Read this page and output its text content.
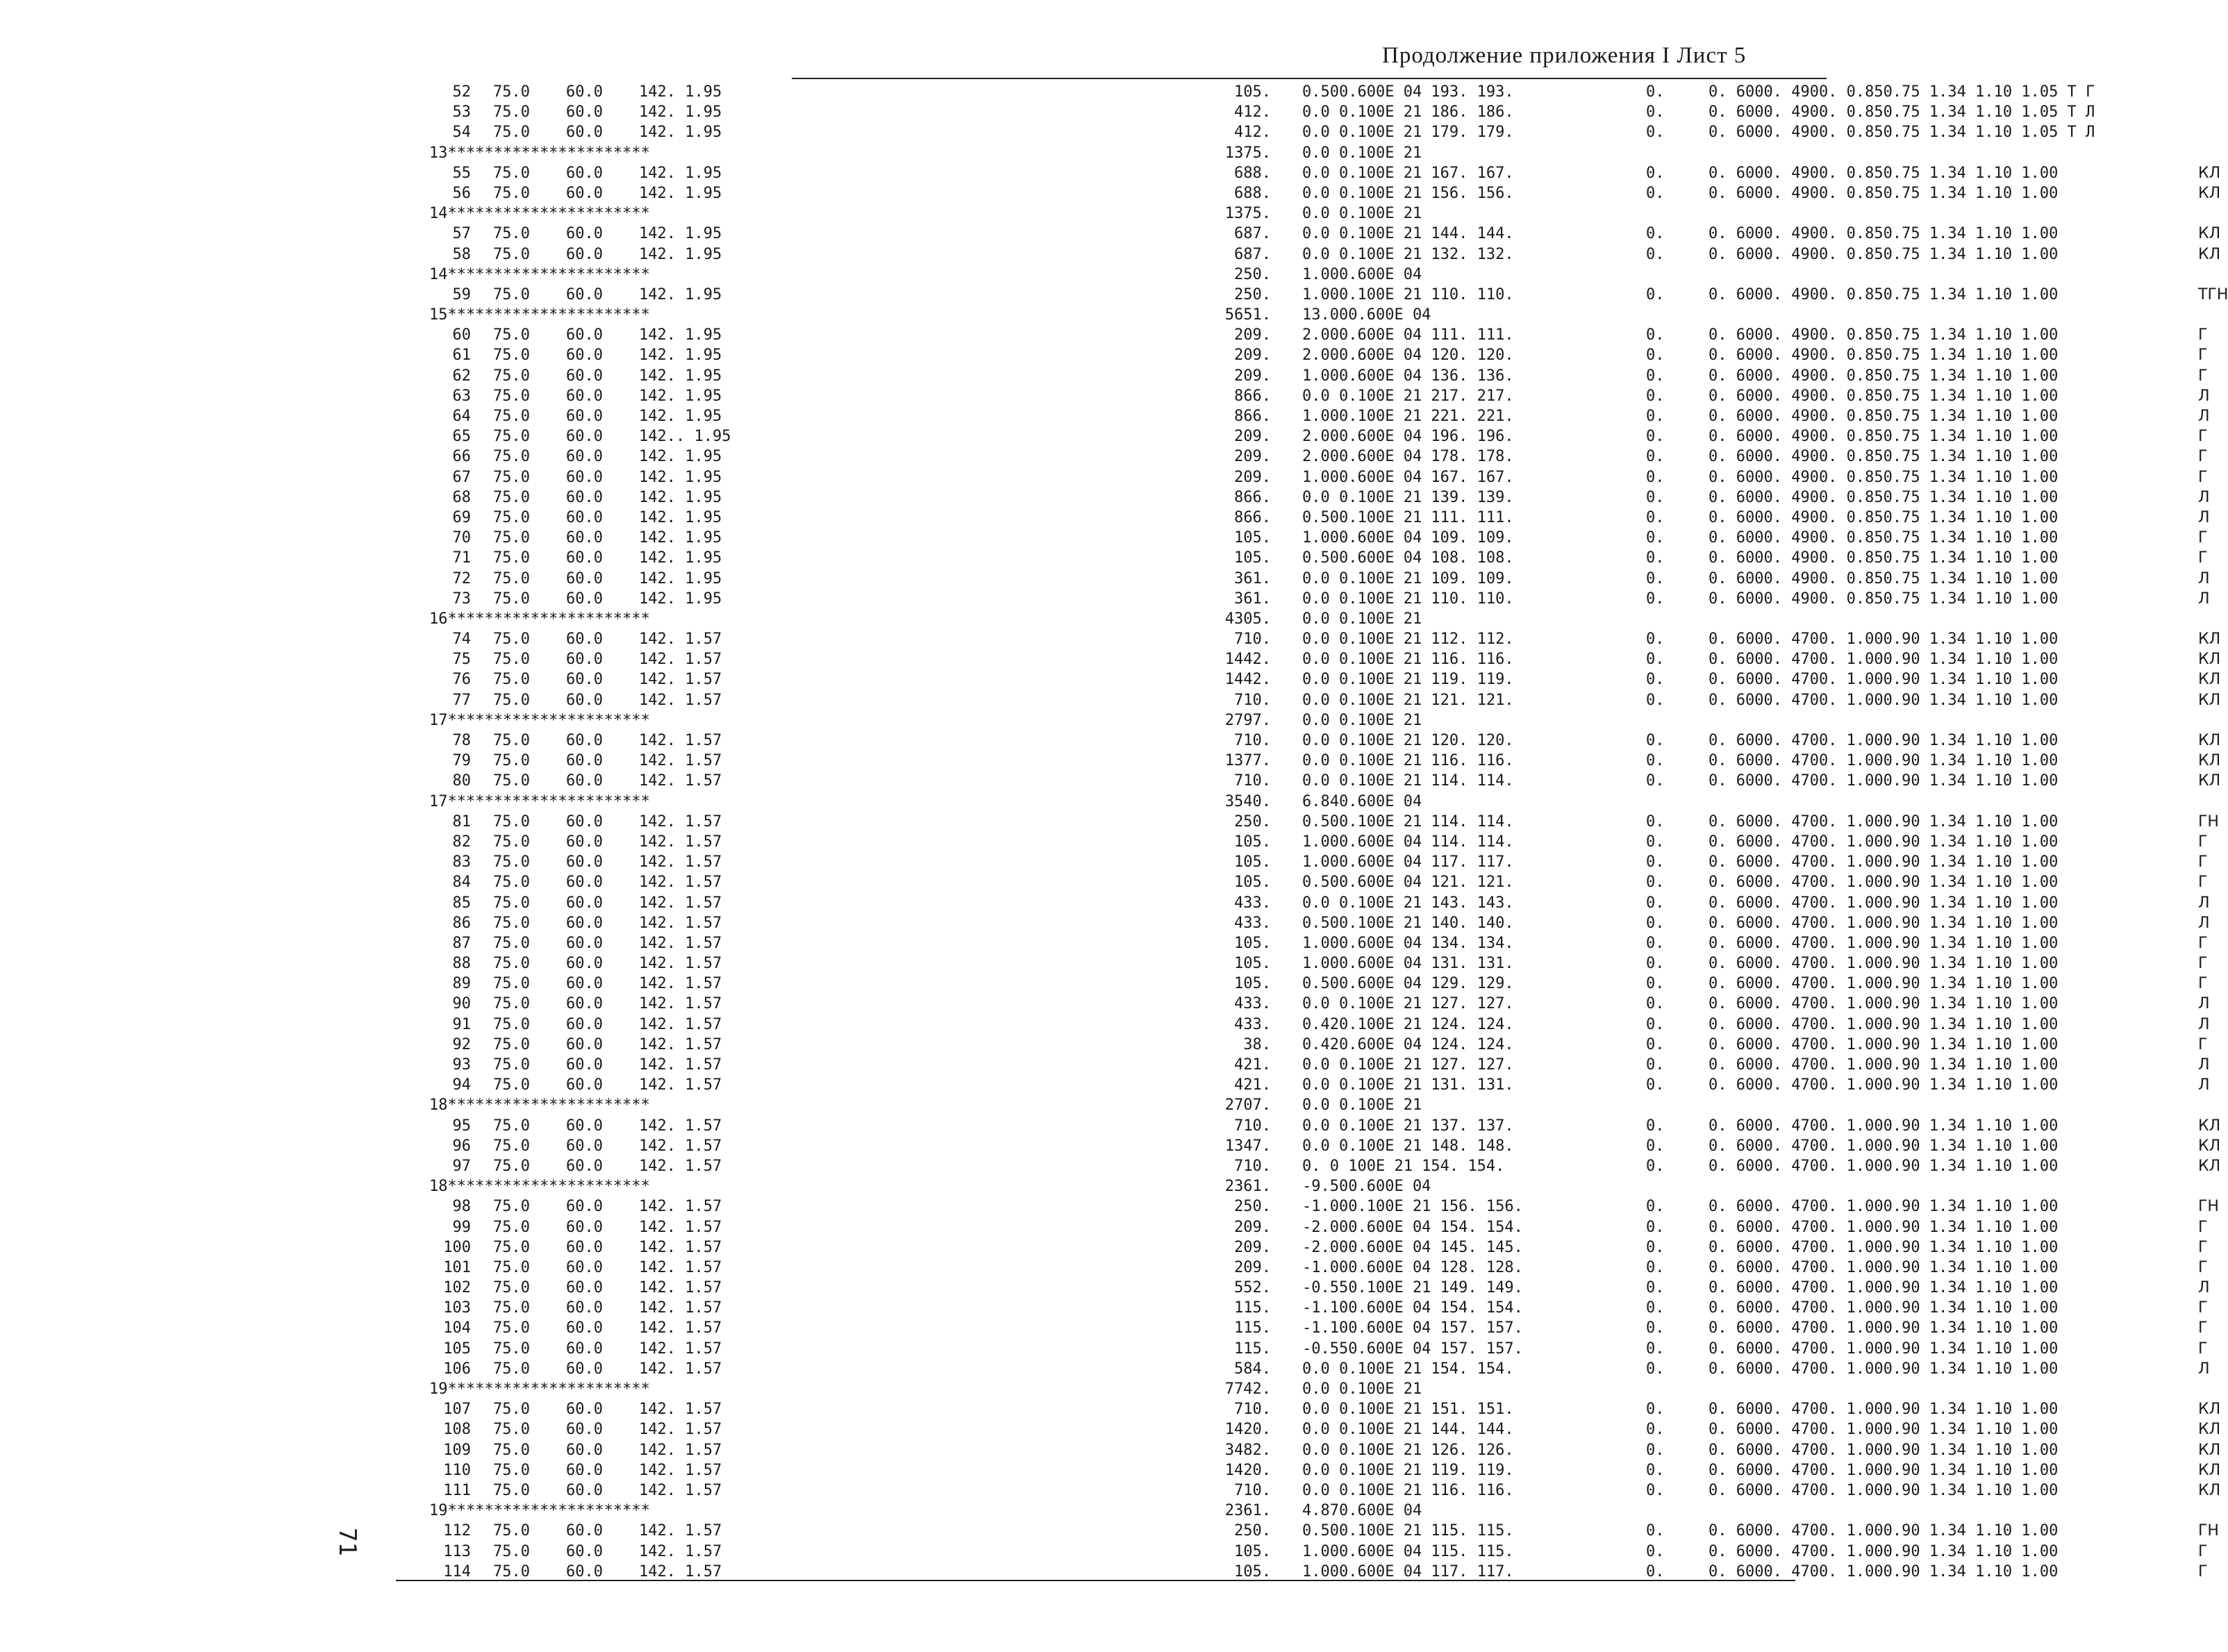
Продолжение приложения I Лист 5
71
52 75.0 60.0 142. 1.95	105. 0.500.600E 04 193. 193.	0.	0. 6000. 4900. 0.850.75 1.34 1.10 1.05 Т Г
53 75.0 60.0 142. 1.95	412. 0.0 0.100E 21 186. 186.	0.	0. 6000. 4900. 0.850.75 1.34 1.10 1.05 Т Л
54 75.0 60.0 142. 1.95	412. 0.0 0.100E 21 179. 179.	0.	0. 6000. 4900. 0.850.75 1.34 1.10 1.05 Т Л
13**********************	1375. 0.0 0.100E 21
55 75.0 60.0 142. 1.95	688. 0.0 0.100E 21 167. 167.	0.	0. 6000. 4900. 0.850.75 1.34 1.10 1.00	КЛ
56 75.0 60.0 142. 1.95	688. 0.0 0.100E 21 156. 156.	0.	0. 6000. 4900. 0.850.75 1.34 1.10 1.00	КЛ
14**********************	1375. 0.0 0.100E 21
57 75.0 60.0 142. 1.95	687. 0.0 0.100E 21 144. 144.	0.	0. 6000. 4900. 0.850.75 1.34 1.10 1.00	КЛ
58 75.0 60.0 142. 1.95	687. 0.0 0.100E 21 132. 132.	0.	0. 6000. 4900. 0.850.75 1.34 1.10 1.00	КЛ
14**********************	250. 1.000.600E 04
59 75.0 60.0 142. 1.95	250. 1.000.100E 21 110. 110.	0.	0. 6000. 4900. 0.850.75 1.34 1.10 1.00	ТГН
15**********************	5651. 13.000.600E 04
60 75.0 60.0 142. 1.95	209. 2.000.600E 04 111. 111.	0.	0. 6000. 4900. 0.850.75 1.34 1.10 1.00	Г
61 75.0 60.0 142. 1.95	209. 2.000.600E 04 120. 120.	0.	0. 6000. 4900. 0.850.75 1.34 1.10 1.00	Г
62 75.0 60.0 142. 1.95	209. 1.000.600E 04 136. 136.	0.	0. 6000. 4900. 0.850.75 1.34 1.10 1.00	Г
63 75.0 60.0 142. 1.95	866. 0.0 0.100E 21 217. 217.	0.	0. 6000. 4900. 0.850.75 1.34 1.10 1.00	Л
64 75.0 60.0 142. 1.95	866. 1.000.100E 21 221. 221.	0.	0. 6000. 4900. 0.850.75 1.34 1.10 1.00	Л
65 75.0 60.0 142.. 1.95	209. 2.000.600E 04 196. 196.	0.	0. 6000. 4900. 0.850.75 1.34 1.10 1.00	Г
66 75.0 60.0 142. 1.95	209. 2.000.600E 04 178. 178.	0.	0. 6000. 4900. 0.850.75 1.34 1.10 1.00	Г
67 75.0 60.0 142. 1.95	209. 1.000.600E 04 167. 167.	0.	0. 6000. 4900. 0.850.75 1.34 1.10 1.00	Г
68 75.0 60.0 142. 1.95	866. 0.0 0.100E 21 139. 139.	0.	0. 6000. 4900. 0.850.75 1.34 1.10 1.00	Л
69 75.0 60.0 142. 1.95	866. 0.500.100E 21 111. 111.	0.	0. 6000. 4900. 0.850.75 1.34 1.10 1.00	Л
70 75.0 60.0 142. 1.95	105. 1.000.600E 04 109. 109.	0.	0. 6000. 4900. 0.850.75 1.34 1.10 1.00	Г
71 75.0 60.0 142. 1.95	105. 0.500.600E 04 108. 108.	0.	0. 6000. 4900. 0.850.75 1.34 1.10 1.00	Г
72 75.0 60.0 142. 1.95	361. 0.0 0.100E 21 109. 109.	0.	0. 6000. 4900. 0.850.75 1.34 1.10 1.00	Л
73 75.0 60.0 142. 1.95	361. 0.0 0.100E 21 110. 110.	0.	0. 6000. 4900. 0.850.75 1.34 1.10 1.00	Л
16**********************	4305. 0.0 0.100E 21
74 75.0 60.0 142. 1.57	710. 0.0 0.100E 21 112. 112.	0.	0. 6000. 4700. 1.000.90 1.34 1.10 1.00	КЛ
75 75.0 60.0 142. 1.57	1442. 0.0 0.100E 21 116. 116.	0.	0. 6000. 4700. 1.000.90 1.34 1.10 1.00	КЛ
76 75.0 60.0 142. 1.57	1442. 0.0 0.100E 21 119. 119.	0.	0. 6000. 4700. 1.000.90 1.34 1.10 1.00	КЛ
77 75.0 60.0 142. 1.57	710. 0.0 0.100E 21 121. 121.	0.	0. 6000. 4700. 1.000.90 1.34 1.10 1.00	КЛ
17**********************	2797. 0.0 0.100E 21
78 75.0 60.0 142. 1.57	710. 0.0 0.100E 21 120. 120.	0.	0. 6000. 4700. 1.000.90 1.34 1.10 1.00	КЛ
79 75.0 60.0 142. 1.57	1377. 0.0 0.100E 21 116. 116.	0.	0. 6000. 4700. 1.000.90 1.34 1.10 1.00	КЛ
80 75.0 60.0 142. 1.57	710. 0.0 0.100E 21 114. 114.	0.	0. 6000. 4700. 1.000.90 1.34 1.10 1.00	КЛ
17**********************	3540. 6.840.600E 04
81 75.0 60.0 142. 1.57	250. 0.500.100E 21 114. 114.	0.	0. 6000. 4700. 1.000.90 1.34 1.10 1.00	ГН
82 75.0 60.0 142. 1.57	105. 1.000.600E 04 114. 114.	0.	0. 6000. 4700. 1.000.90 1.34 1.10 1.00	Г
83 75.0 60.0 142. 1.57	105. 1.000.600E 04 117. 117.	0.	0. 6000. 4700. 1.000.90 1.34 1.10 1.00	Г
84 75.0 60.0 142. 1.57	105. 0.500.600E 04 121. 121.	0.	0. 6000. 4700. 1.000.90 1.34 1.10 1.00	Г
85 75.0 60.0 142. 1.57	433. 0.0 0.100E 21 143. 143.	0.	0. 6000. 4700. 1.000.90 1.34 1.10 1.00	Л
86 75.0 60.0 142. 1.57	433. 0.500.100E 21 140. 140.	0.	0. 6000. 4700. 1.000.90 1.34 1.10 1.00	Л
87 75.0 60.0 142. 1.57	105. 1.000.600E 04 134. 134.	0.	0. 6000. 4700. 1.000.90 1.34 1.10 1.00	Г
88 75.0 60.0 142. 1.57	105. 1.000.600E 04 131. 131.	0.	0. 6000. 4700. 1.000.90 1.34 1.10 1.00	Г
89 75.0 60.0 142. 1.57	105. 0.500.600E 04 129. 129.	0.	0. 6000. 4700. 1.000.90 1.34 1.10 1.00	Г
90 75.0 60.0 142. 1.57	433. 0.0 0.100E 21 127. 127.	0.	0. 6000. 4700. 1.000.90 1.34 1.10 1.00	Л
91 75.0 60.0 142. 1.57	433. 0.420.100E 21 124. 124.	0.	0. 6000. 4700. 1.000.90 1.34 1.10 1.00	Л
92 75.0 60.0 142. 1.57	38. 0.420.600E 04 124. 124.	0.	0. 6000. 4700. 1.000.90 1.34 1.10 1.00	Г
93 75.0 60.0 142. 1.57	421. 0.0 0.100E 21 127. 127.	0.	0. 6000. 4700. 1.000.90 1.34 1.10 1.00	Л
94 75.0 60.0 142. 1.57	421. 0.0 0.100E 21 131. 131.	0.	0. 6000. 4700. 1.000.90 1.34 1.10 1.00	Л
18**********************	2707. 0.0 0.100E 21
95 75.0 60.0 142. 1.57	710. 0.0 0.100E 21 137. 137.	0.	0. 6000. 4700. 1.000.90 1.34 1.10 1.00	КЛ
96 75.0 60.0 142. 1.57	1347. 0.0 0.100E 21 148. 148.	0.	0. 6000. 4700. 1.000.90 1.34 1.10 1.00	КЛ
97 75.0 60.0 142. 1.57	710. 0. 0 100E 21 154. 154.	0.	0. 6000. 4700. 1.000.90 1.34 1.10 1.00	КЛ
18**********************	2361. -9.500.600E 04
98 75.0 60.0 142. 1.57	250. -1.000.100E 21 156. 156.	0.	0. 6000. 4700. 1.000.90 1.34 1.10 1.00	ГН
99 75.0 60.0 142. 1.57	209. -2.000.600E 04 154. 154.	0.	0. 6000. 4700. 1.000.90 1.34 1.10 1.00	Г
100 75.0 60.0 142. 1.57	209. -2.000.600E 04 145. 145.	0.	0. 6000. 4700. 1.000.90 1.34 1.10 1.00	Г
101 75.0 60.0 142. 1.57	209. -1.000.600E 04 128. 128.	0.	0. 6000. 4700. 1.000.90 1.34 1.10 1.00	Г
102 75.0 60.0 142. 1.57	552. -0.550.100E 21 149. 149.	0.	0. 6000. 4700. 1.000.90 1.34 1.10 1.00	Л
103 75.0 60.0 142. 1.57	115. -1.100.600E 04 154. 154.	0.	0. 6000. 4700. 1.000.90 1.34 1.10 1.00	Г
104 75.0 60.0 142. 1.57	115. -1.100.600E 04 157. 157.	0.	0. 6000. 4700. 1.000.90 1.34 1.10 1.00	Г
105 75.0 60.0 142. 1.57	115. -0.550.600E 04 157. 157.	0.	0. 6000. 4700. 1.000.90 1.34 1.10 1.00	Г
106 75.0 60.0 142. 1.57	584. 0.0 0.100E 21 154. 154.	0.	0. 6000. 4700. 1.000.90 1.34 1.10 1.00	Л
19**********************	7742. 0.0 0.100E 21
107 75.0 60.0 142. 1.57	710. 0.0 0.100E 21 151. 151.	0.	0. 6000. 4700. 1.000.90 1.34 1.10 1.00	КЛ
108 75.0 60.0 142. 1.57	1420. 0.0 0.100E 21 144. 144.	0.	0. 6000. 4700. 1.000.90 1.34 1.10 1.00	КЛ
109 75.0 60.0 142. 1.57	3482. 0.0 0.100E 21 126. 126.	0.	0. 6000. 4700. 1.000.90 1.34 1.10 1.00	КЛ
110 75.0 60.0 142. 1.57	1420. 0.0 0.100E 21 119. 119.	0.	0. 6000. 4700. 1.000.90 1.34 1.10 1.00	КЛ
111 75.0 60.0 142. 1.57	710. 0.0 0.100E 21 116. 116.	0.	0. 6000. 4700. 1.000.90 1.34 1.10 1.00	КЛ
19**********************	2361. 4.870.600E 04
112 75.0 60.0 142. 1.57	250. 0.500.100E 21 115. 115.	0.	0. 6000. 4700. 1.000.90 1.34 1.10 1.00	ГН
113 75.0 60.0 142. 1.57	105. 1.000.600E 04 115. 115.	0.	0. 6000. 4700. 1.000.90 1.34 1.10 1.00	Г
114 75.0 60.0 142. 1.57	105. 1.000.600E 04 117. 117.	0.	0. 6000. 4700. 1.000.90 1.34 1.10 1.00	Г
